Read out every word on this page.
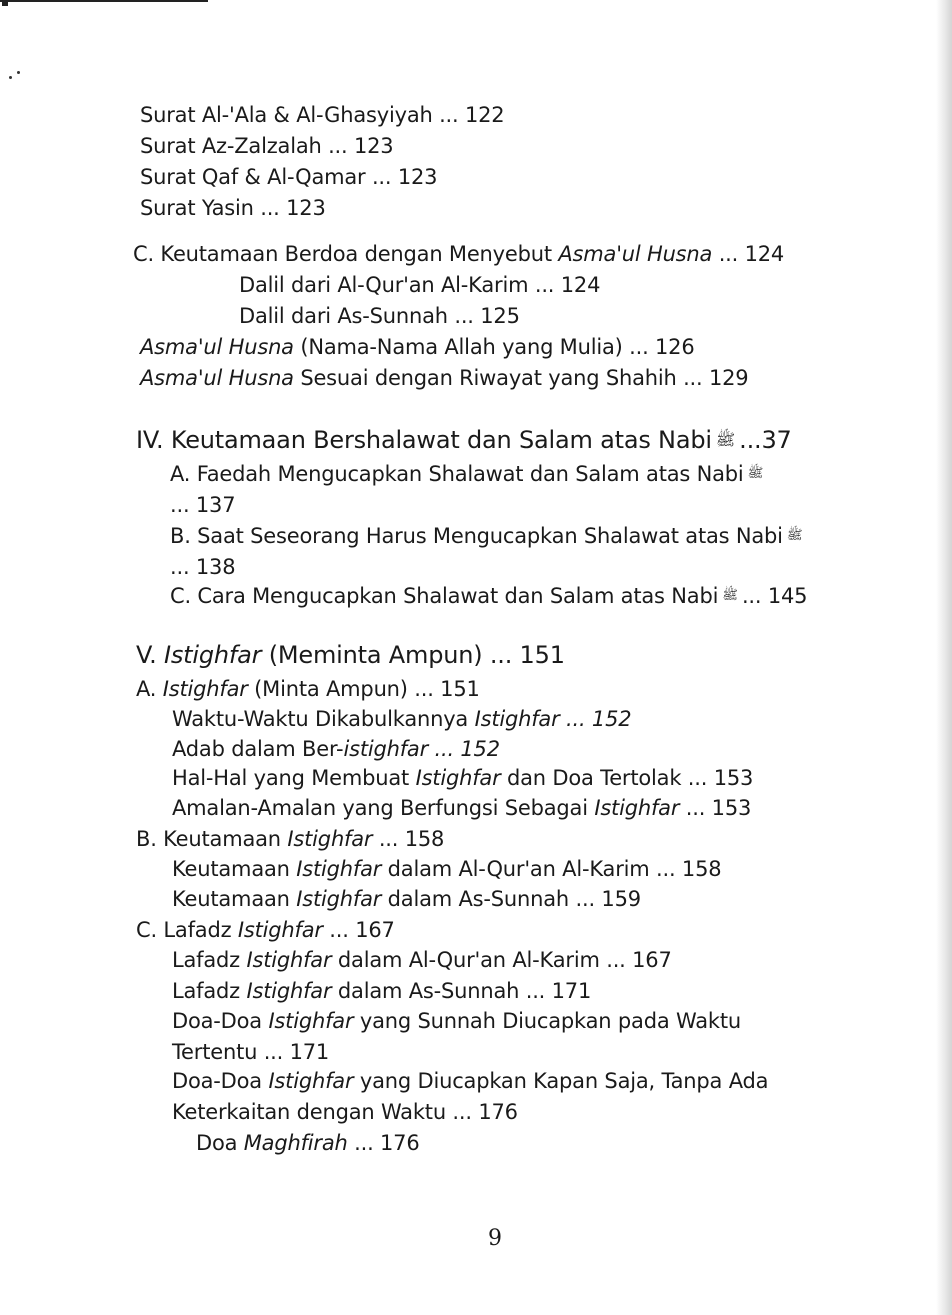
Surat Al-'Ala & Al-Ghasyiyah ... 122
Surat Az-Zalzalah ... 123
Surat Qaf & Al-Qamar ... 123
Surat Yasin ... 123
C. Keutamaan Berdoa dengan Menyebut Asma'ul Husna ... 124
Dalil dari Al-Qur'an Al-Karim ... 124
Dalil dari As-Sunnah ... 125
Asma'ul Husna (Nama-Nama Allah yang Mulia) ... 126
Asma'ul Husna Sesuai dengan Riwayat yang Shahih ... 129
IV. Keutamaan Bershalawat dan Salam atas Nabi ﷺ ...37
A. Faedah Mengucapkan Shalawat dan Salam atas Nabi ﷺ
... 137
B. Saat Seseorang Harus Mengucapkan Shalawat atas Nabi ﷺ
... 138
C. Cara Mengucapkan Shalawat dan Salam atas Nabi ﷺ ... 145
V. Istighfar (Meminta Ampun) ... 151
A. Istighfar (Minta Ampun) ... 151
Waktu-Waktu Dikabulkannya Istighfar ... 152
Adab dalam Ber-istighfar ... 152
Hal-Hal yang Membuat Istighfar dan Doa Tertolak ... 153
Amalan-Amalan yang Berfungsi Sebagai Istighfar ... 153
B. Keutamaan Istighfar ... 158
Keutamaan Istighfar dalam Al-Qur'an Al-Karim ... 158
Keutamaan Istighfar dalam As-Sunnah ... 159
C. Lafadz Istighfar ... 167
Lafadz Istighfar dalam Al-Qur'an Al-Karim ... 167
Lafadz Istighfar dalam As-Sunnah ... 171
Doa-Doa Istighfar yang Sunnah Diucapkan pada Waktu
Tertentu ... 171
Doa-Doa Istighfar yang Diucapkan Kapan Saja, Tanpa Ada
Keterkaitan dengan Waktu ... 176
Doa Maghfirah ... 176
9
